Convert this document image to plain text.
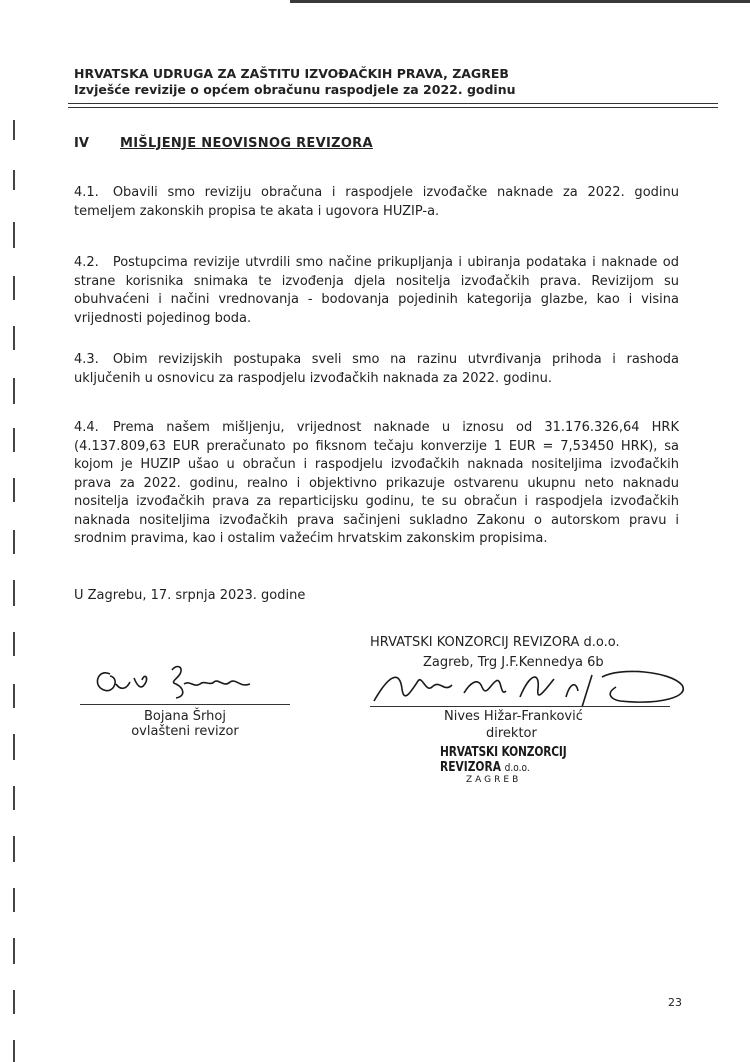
HRVATSKA UDRUGA ZA ZAŠTITU IZVOĐAČKIH PRAVA, ZAGREB
Izvješće revizije o općem obračunu raspodjele za 2022. godinu
IV MIŠLJENJE NEOVISNOG REVIZORA
4.1. Obavili smo reviziju obračuna i raspodjele izvođačke naknade za 2022. godinu temeljem zakonskih propisa te akata i ugovora HUZIP-a.
4.2. Postupcima revizije utvrdili smo načine prikupljanja i ubiranja podataka i naknade od strane korisnika snimaka te izvođenja djela nositelja izvođačkih prava. Revizijom su obuhvaćeni i načini vrednovanja - bodovanja pojedinih kategorija glazbe, kao i visina vrijednosti pojedinog boda.
4.3. Obim revizijskih postupaka sveli smo na razinu utvrđivanja prihoda i rashoda uključenih u osnovicu za raspodjelu izvođačkih naknada za 2022. godinu.
4.4. Prema našem mišljenju, vrijednost naknade u iznosu od 31.176.326,64 HRK (4.137.809,63 EUR preračunato po fiksnom tečaju konverzije 1 EUR = 7,53450 HRK), sa kojom je HUZIP ušao u obračun i raspodjelu izvođačkih naknada nositeljima izvođačkih prava za 2022. godinu, realno i objektivno prikazuje ostvarenu ukupnu neto naknadu nositelja izvođačkih prava za reparticijsku godinu, te su obračun i raspodjela izvođačkih naknada nositeljima izvođačkih prava sačinjeni sukladno Zakonu o autorskom pravu i srodnim pravima, kao i ostalim važećim hrvatskim zakonskim propisima.
U Zagrebu, 17. srpnja 2023. godine
Bojana Šrhoj
ovlašteni revizor
HRVATSKI KONZORCIJ REVIZORA d.o.o.
Zagreb, Trg J.F.Kennedya 6b
Nives Hižar-Franković
direktor
HRVATSKI KONZORCIJ
REVIZORA d.o.o.
ZAGREB
23
